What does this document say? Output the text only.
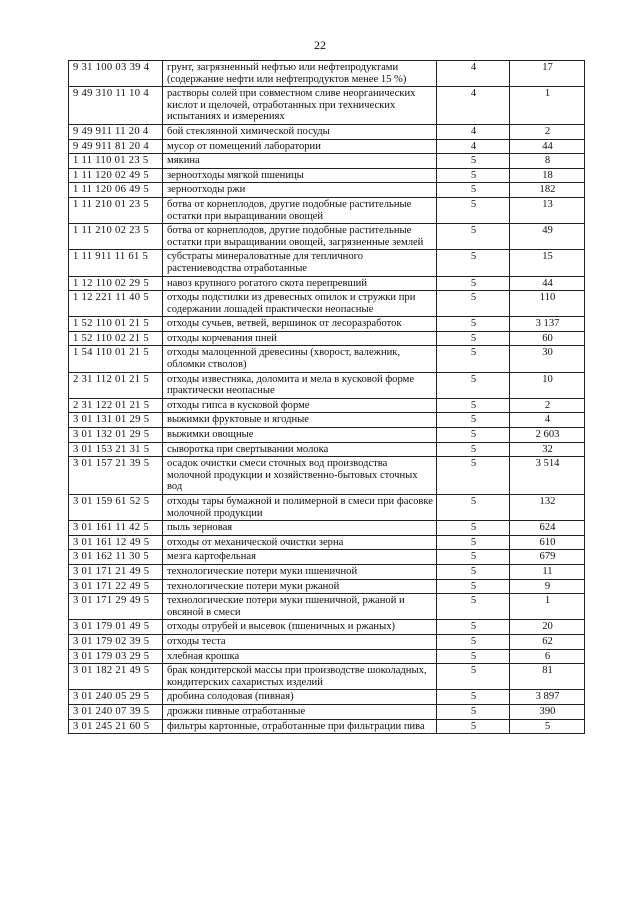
22
9 31 100 03 39 4	грунт, загрязненный нефтью или нефтепродуктами (содержание нефти или нефтепродуктов менее 15 %)	4	17
9 49 310 11 10 4	растворы солей при совместном сливе неорганических кислот и щелочей, отработанных при технических испытаниях и измерениях	4	1
9 49 911 11 20 4	бой стеклянной химической посуды	4	2
9 49 911 81 20 4	мусор от помещений лаборатории	4	44
1 11 110 01 23 5	мякина	5	8
1 11 120 02 49 5	зерноотходы мягкой пшеницы	5	18
1 11 120 06 49 5	зерноотходы ржи	5	182
1 11 210 01 23 5	ботва от корнеплодов, другие подобные растительные остатки при выращивании овощей	5	13
1 11 210 02 23 5	ботва от корнеплодов, другие подобные растительные остатки при выращивании овощей, загрязненные землей	5	49
1 11 911 11 61 5	субстраты минераловатные для тепличного растениеводства отработанные	5	15
1 12 110 02 29 5	навоз крупного рогатого скота перепревший	5	44
1 12 221 11 40 5	отходы подстилки из древесных опилок и стружки при содержании лошадей практически неопасные	5	110
1 52 110 01 21 5	отходы сучьев, ветвей, вершинок от лесоразработок	5	3 137
1 52 110 02 21 5	отходы корчевания пней	5	60
1 54 110 01 21 5	отходы малоценной древесины (хворост, валежник, обломки стволов)	5	30
2 31 112 01 21 5	отходы известняка, доломита и мела в кусковой форме практически неопасные	5	10
2 31 122 01 21 5	отходы гипса в кусковой форме	5	2
3 01 131 01 29 5	выжимки фруктовые и ягодные	5	4
3 01 132 01 29 5	выжимки овощные	5	2 603
3 01 153 21 31 5	сыворотка при свертывании молока	5	32
3 01 157 21 39 5	осадок очистки смеси сточных вод производства молочной продукции и хозяйственно-бытовых сточных вод	5	3 514
3 01 159 61 52 5	отходы тары бумажной и полимерной в смеси при фасовке молочной продукции	5	132
3 01 161 11 42 5	пыль зерновая	5	624
3 01 161 12 49 5	отходы от механической очистки зерна	5	610
3 01 162 11 30 5	мезга картофельная	5	679
3 01 171 21 49 5	технологические потери муки пшеничной	5	11
3 01 171 22 49 5	технологические потери муки ржаной	5	9
3 01 171 29 49 5	технологические потери муки пшеничной, ржаной и овсяной в смеси	5	1
3 01 179 01 49 5	отходы отрубей и высевок (пшеничных и ржаных)	5	20
3 01 179 02 39 5	отходы теста	5	62
3 01 179 03 29 5	хлебная крошка	5	6
3 01 182 21 49 5	брак кондитерской массы при производстве шоколадных, кондитерских сахаристых изделий	5	81
3 01 240 05 29 5	дробина солодовая (пивная)	5	3 897
3 01 240 07 39 5	дрожжи пивные отработанные	5	390
3 01 245 21 60 5	фильтры картонные, отработанные при фильтрации пива	5	5
